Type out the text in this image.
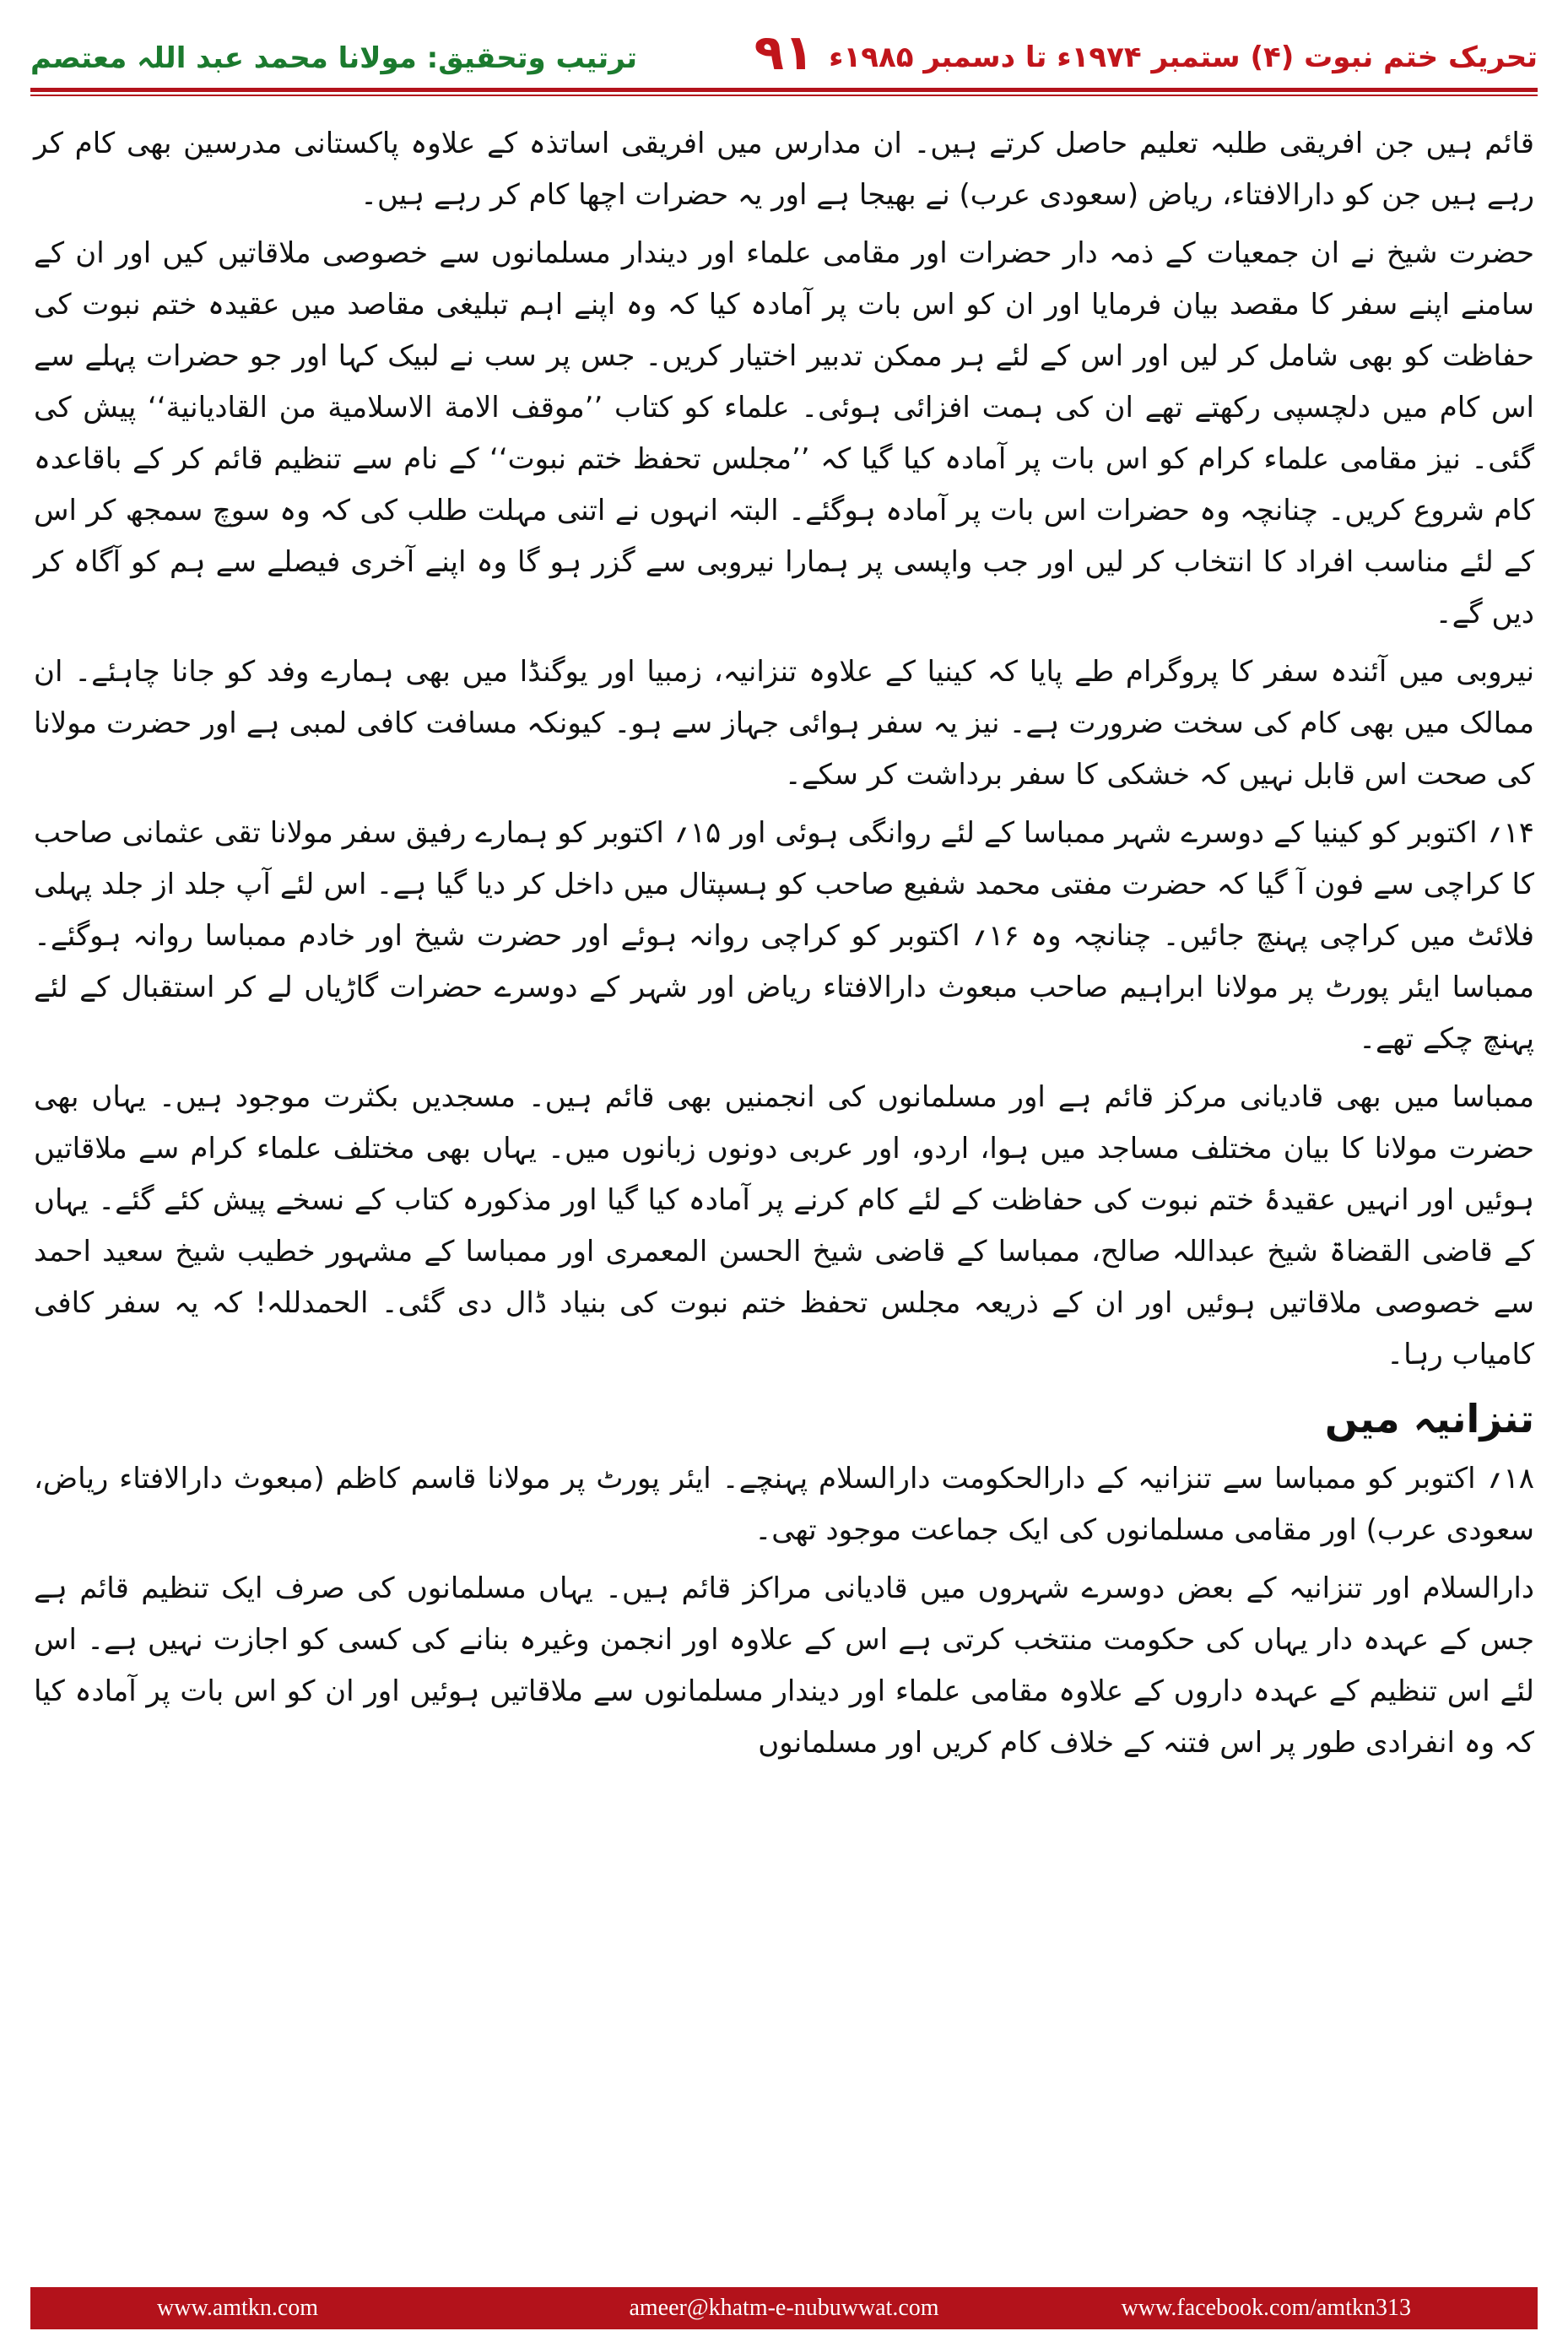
ترتیب وتحقیق: مولانا محمد عبد اللہ معتصم	۹۱ تحریک ختم نبوت (۴) ستمبر ۱۹۷۴ء تا دسمبر ۱۹۸۵ء

قائم ہیں جن افریقی طلبہ تعلیم حاصل کرتے ہیں۔ ان مدارس میں افریقی اساتذہ کے علاوہ پاکستانی مدرسین بھی کام کر رہے ہیں جن کو دارالافتاء، ریاض (سعودی عرب) نے بھیجا ہے اور یہ حضرات اچھا کام کر رہے ہیں۔

حضرت شیخ نے ان جمعیات کے ذمہ دار حضرات اور مقامی علماء اور دیندار مسلمانوں سے خصوصی ملاقاتیں کیں اور ان کے سامنے اپنے سفر کا مقصد بیان فرمایا اور ان کو اس بات پر آمادہ کیا کہ وہ اپنے اہم تبلیغی مقاصد میں عقیدہ ختم نبوت کی حفاظت کو بھی شامل کر لیں اور اس کے لئے ہر ممکن تدبیر اختیار کریں۔ جس پر سب نے لبیک کہا اور جو حضرات پہلے سے اس کام میں دلچسپی رکھتے تھے ان کی ہمت افزائی ہوئی۔ علماء کو کتاب ’’موقف الامة الاسلامية من القاديانية‘‘ پیش کی گئی۔ نیز مقامی علماء کرام کو اس بات پر آمادہ کیا گیا کہ ’’مجلس تحفظ ختم نبوت‘‘ کے نام سے تنظیم قائم کر کے باقاعدہ کام شروع کریں۔ چنانچہ وہ حضرات اس بات پر آمادہ ہوگئے۔ البتہ انہوں نے اتنی مہلت طلب کی کہ وہ سوچ سمجھ کر اس کے لئے مناسب افراد کا انتخاب کر لیں اور جب واپسی پر ہمارا نیروبی سے گزر ہو گا وہ اپنے آخری فیصلے سے ہم کو آگاہ کر دیں گے۔

نیروبی میں آئندہ سفر کا پروگرام طے پایا کہ کینیا کے علاوہ تنزانیہ، زمبیا اور یوگنڈا میں بھی ہمارے وفد کو جانا چاہئے۔ ان ممالک میں بھی کام کی سخت ضرورت ہے۔ نیز یہ سفر ہوائی جہاز سے ہو۔ کیونکہ مسافت کافی لمبی ہے اور حضرت مولانا کی صحت اس قابل نہیں کہ خشکی کا سفر برداشت کر سکے۔

۱۴؍ اکتوبر کو کینیا کے دوسرے شہر ممباسا کے لئے روانگی ہوئی اور ۱۵؍ اکتوبر کو ہمارے رفیق سفر مولانا تقی عثمانی صاحب کا کراچی سے فون آ گیا کہ حضرت مفتی محمد شفیع صاحب کو ہسپتال میں داخل کر دیا گیا ہے۔ اس لئے آپ جلد از جلد پہلی فلائٹ میں کراچی پہنچ جائیں۔ چنانچہ وہ ۱۶؍ اکتوبر کو کراچی روانہ ہوئے اور حضرت شیخ اور خادم ممباسا روانہ ہوگئے۔ ممباسا ایئر پورٹ پر مولانا ابراہیم صاحب مبعوث دارالافتاء ریاض اور شہر کے دوسرے حضرات گاڑیاں لے کر استقبال کے لئے پہنچ چکے تھے۔

ممباسا میں بھی قادیانی مرکز قائم ہے اور مسلمانوں کی انجمنیں بھی قائم ہیں۔ مسجدیں بکثرت موجود ہیں۔ یہاں بھی حضرت مولانا کا بیان مختلف مساجد میں ہوا، اردو، اور عربی دونوں زبانوں میں۔ یہاں بھی مختلف علماء کرام سے ملاقاتیں ہوئیں اور انہیں عقیدۂ ختم نبوت کی حفاظت کے لئے کام کرنے پر آمادہ کیا گیا اور مذکورہ کتاب کے نسخے پیش کئے گئے۔ یہاں کے قاضی القضاۃ شیخ عبداللہ صالح، ممباسا کے قاضی شیخ الحسن المعمری اور ممباسا کے مشہور خطیب شیخ سعید احمد سے خصوصی ملاقاتیں ہوئیں اور ان کے ذریعہ مجلس تحفظ ختم نبوت کی بنیاد ڈال دی گئی۔ الحمدللہ! کہ یہ سفر کافی کامیاب رہا۔

تنزانیہ میں

۱۸؍ اکتوبر کو ممباسا سے تنزانیہ کے دارالحکومت دارالسلام پہنچے۔ ایئر پورٹ پر مولانا قاسم کاظم (مبعوث دارالافتاء ریاض، سعودی عرب) اور مقامی مسلمانوں کی ایک جماعت موجود تھی۔

دارالسلام اور تنزانیہ کے بعض دوسرے شہروں میں قادیانی مراکز قائم ہیں۔ یہاں مسلمانوں کی صرف ایک تنظیم قائم ہے جس کے عہدہ دار یہاں کی حکومت منتخب کرتی ہے اس کے علاوہ اور انجمن وغیرہ بنانے کی کسی کو اجازت نہیں ہے۔ اس لئے اس تنظیم کے عہدہ داروں کے علاوہ مقامی علماء اور دیندار مسلمانوں سے ملاقاتیں ہوئیں اور ان کو اس بات پر آمادہ کیا کہ وہ انفرادی طور پر اس فتنہ کے خلاف کام کریں اور مسلمانوں

www.amtkn.com	ameer@khatm-e-nubuwwat.com	www.facebook.com/amtkn313
